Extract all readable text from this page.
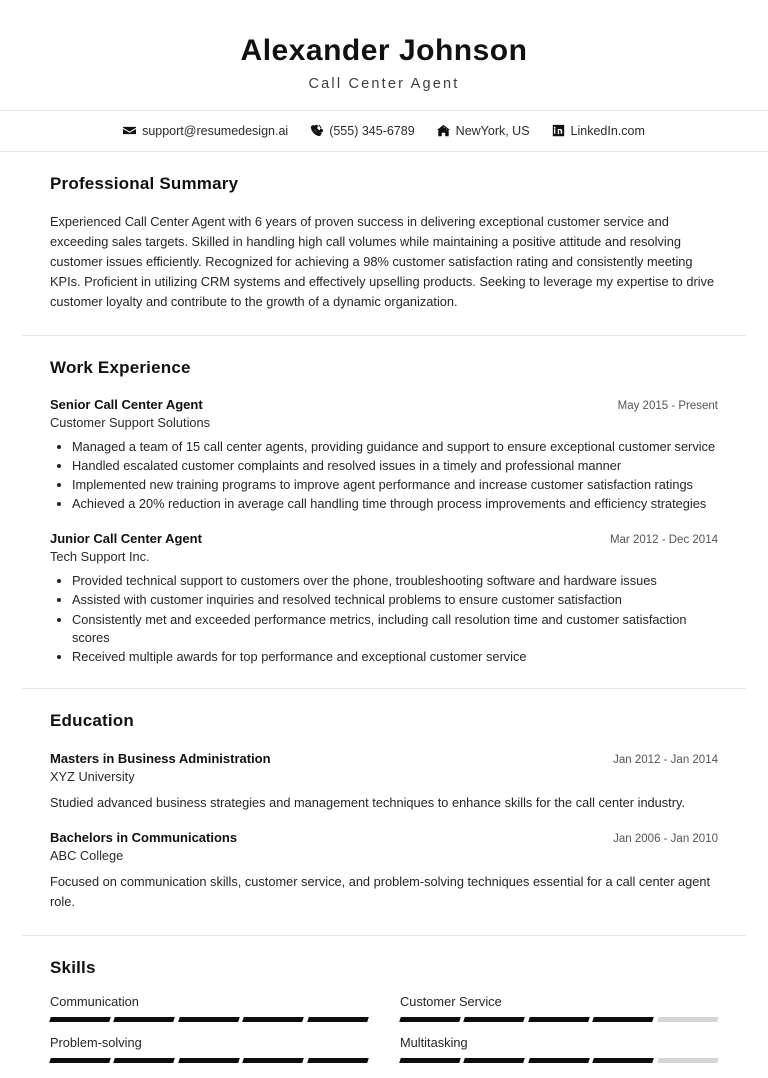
Alexander Johnson
Call Center Agent
support@resumedesign.ai	(555) 345-6789	NewYork, US	LinkedIn.com
Professional Summary

Experienced Call Center Agent with 6 years of proven success in delivering exceptional customer service and exceeding sales targets. Skilled in handling high call volumes while maintaining a positive attitude and resolving customer issues efficiently. Recognized for achieving a 98% customer satisfaction rating and consistently meeting KPIs. Proficient in utilizing CRM systems and effectively upselling products. Seeking to leverage my expertise to drive customer loyalty and contribute to the growth of a dynamic organization.

Work Experience
Senior Call Center Agent	May 2015 - Present
Customer Support Solutions
• Managed a team of 15 call center agents, providing guidance and support to ensure exceptional customer service
• Handled escalated customer complaints and resolved issues in a timely and professional manner
• Implemented new training programs to improve agent performance and increase customer satisfaction ratings
• Achieved a 20% reduction in average call handling time through process improvements and efficiency strategies
Junior Call Center Agent	Mar 2012 - Dec 2014
Tech Support Inc.
• Provided technical support to customers over the phone, troubleshooting software and hardware issues
• Assisted with customer inquiries and resolved technical problems to ensure customer satisfaction
• Consistently met and exceeded performance metrics, including call resolution time and customer satisfaction scores
• Received multiple awards for top performance and exceptional customer service
Education
Masters in Business Administration	Jan 2012 - Jan 2014
XYZ University

Studied advanced business strategies and management techniques to enhance skills for the call center industry.

Bachelors in Communications	Jan 2006 - Jan 2010
ABC College

Focused on communication skills, customer service, and problem-solving techniques essential for a call center agent role.

Skills
Communication	Customer Service
Problem-solving	Multitasking
